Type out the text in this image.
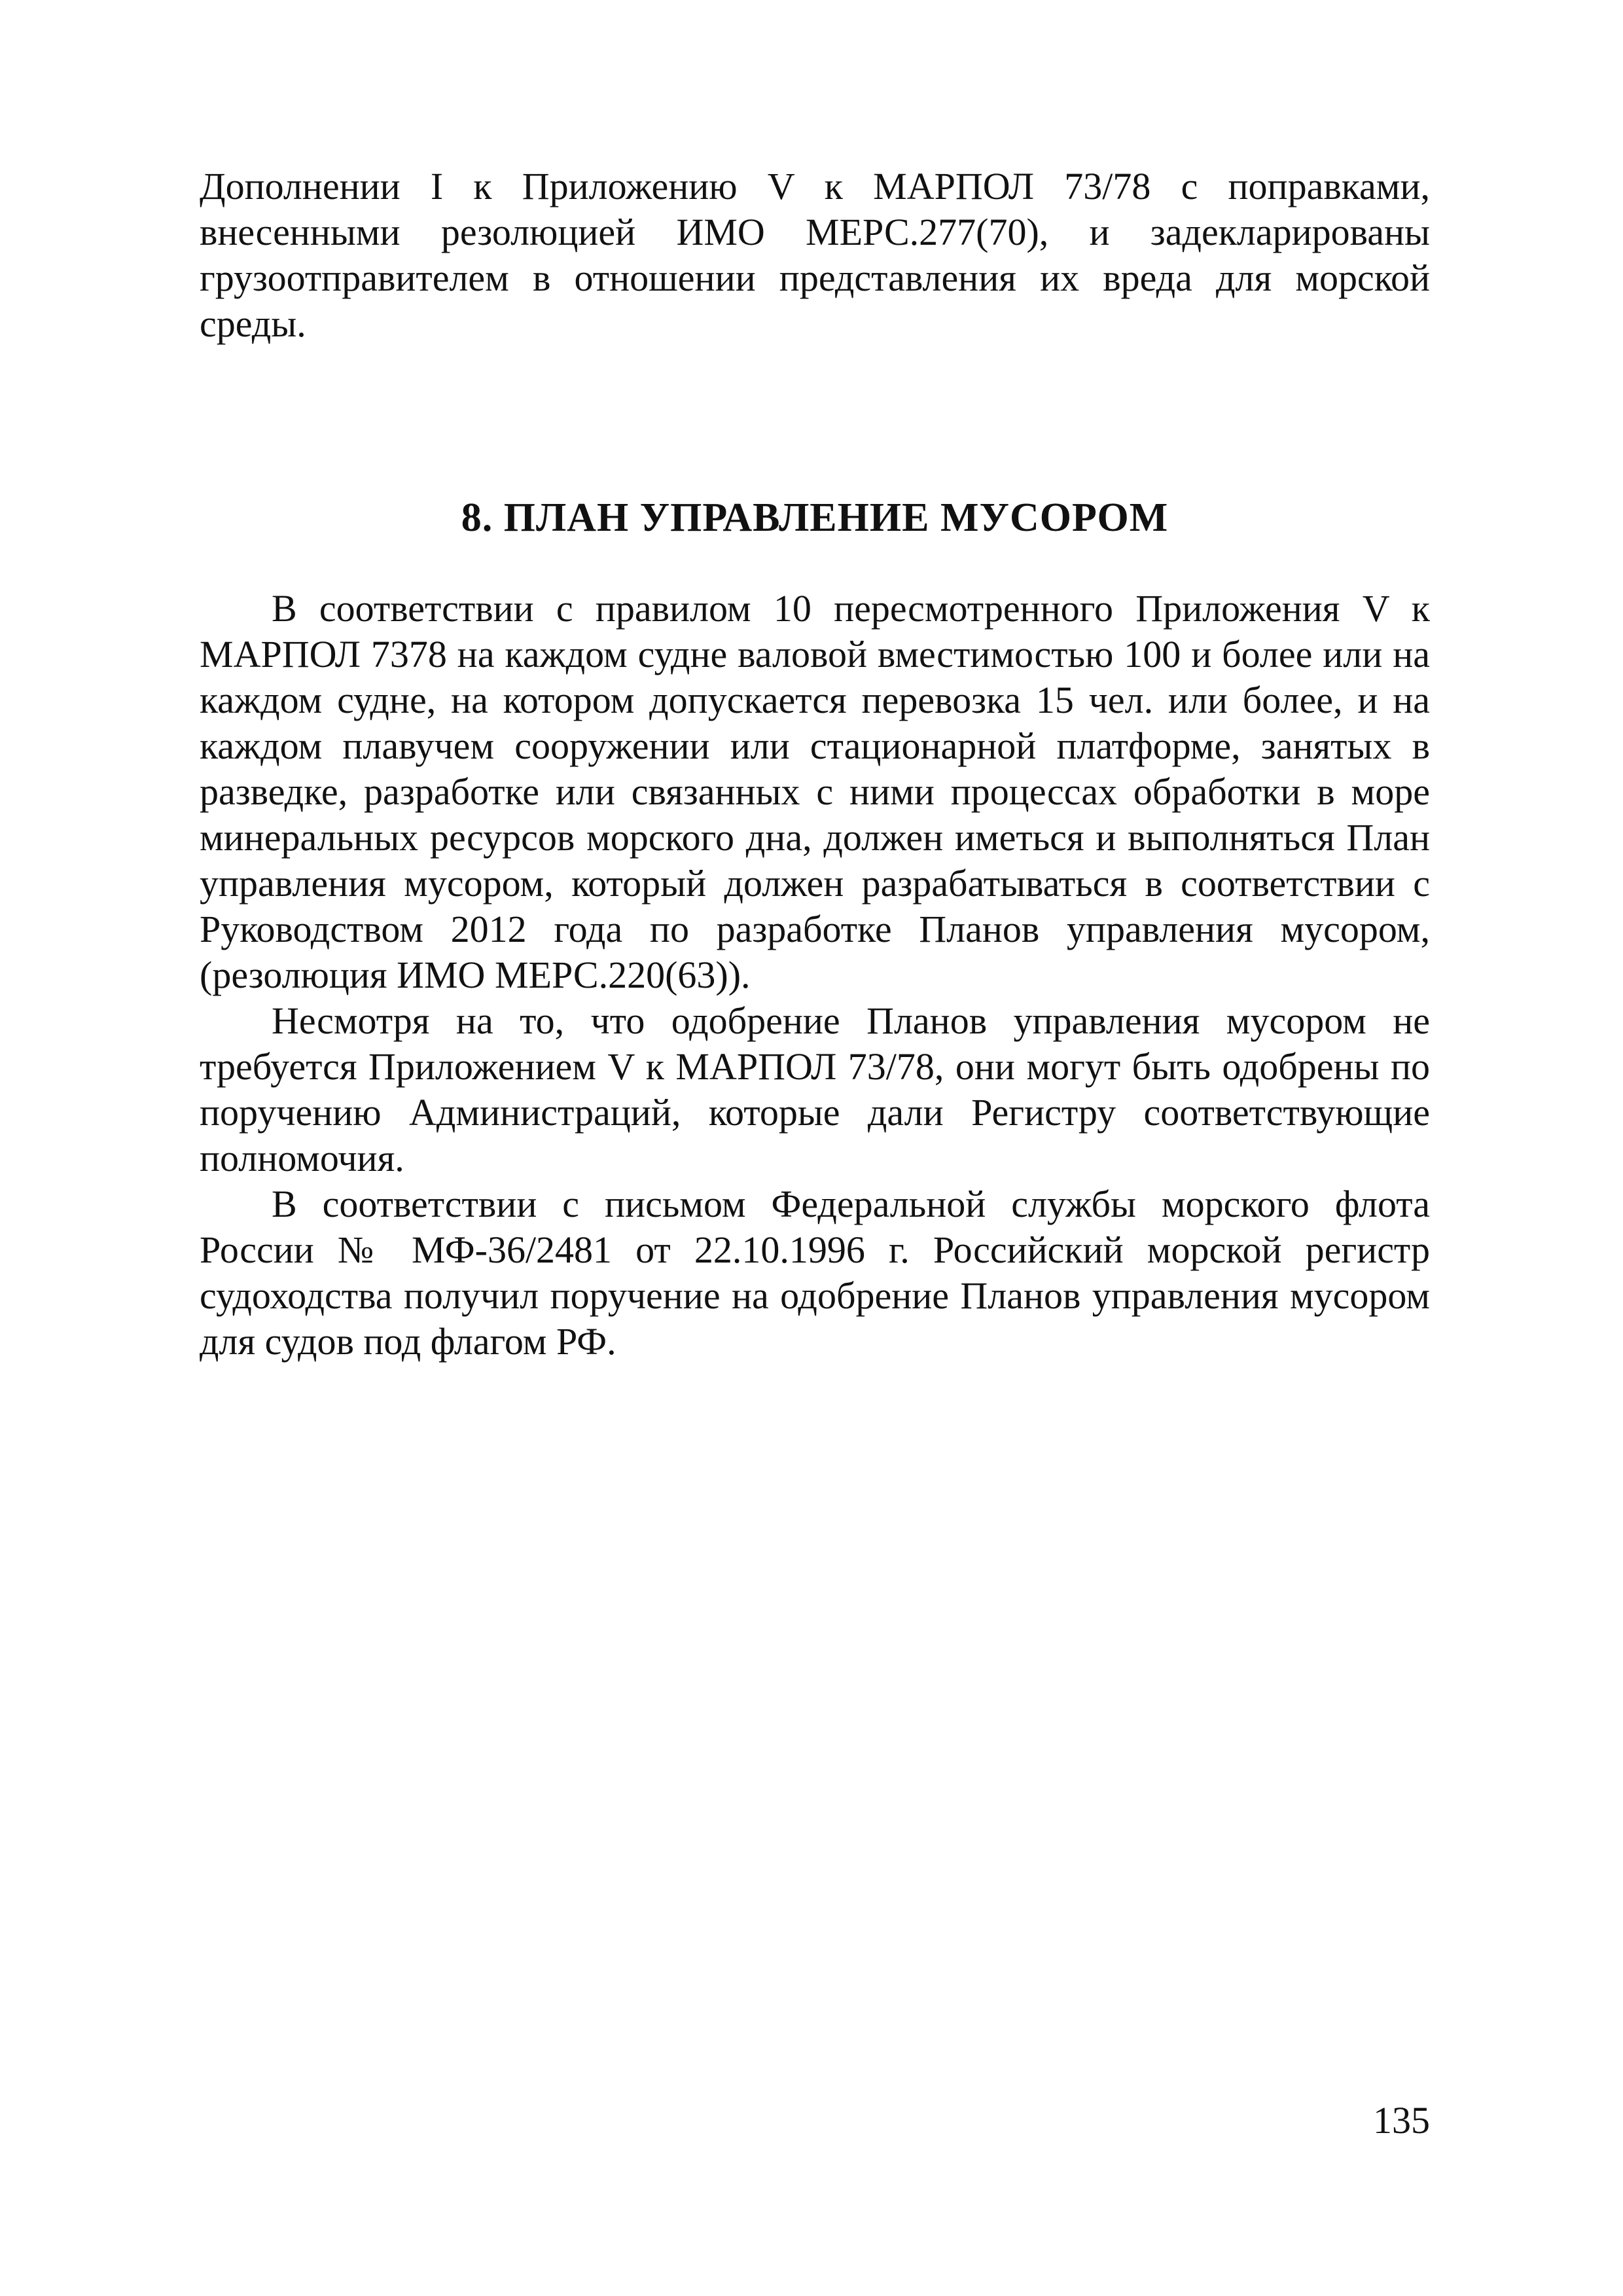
Дополнении I к Приложению V к МАРПОЛ 73/78 с поправками, внесенными резолюцией ИМО МЕРС.277(70), и задекларированы грузоотправителем в отношении представления их вреда для морской среды.
8. ПЛАН УПРАВЛЕНИЕ МУСОРОМ

В соответствии с правилом 10 пересмотренного Приложения V к МАРПОЛ 7378 на каждом судне валовой вместимостью 100 и более или на каждом судне, на котором допускается перевозка 15 чел. или более, и на каждом плавучем сооружении или стационарной платформе, занятых в разведке, разработке или связанных с ними процессах обработки в море минеральных ресурсов морского дна, должен иметься и выполняться План управления мусором, который должен разрабатываться в соответствии с Руководством 2012 года по разработке Планов управления мусором, (резолюция ИМО МЕРС.220(63)).

Несмотря на то, что одобрение Планов управления мусором не требуется Приложением V к МАРПОЛ 73/78, они могут быть одобрены по поручению Администраций, которые дали Регистру соответствующие полномочия.

В соответствии с письмом Федеральной службы морского флота России № МФ-36/2481 от 22.10.1996 г. Российский морской регистр судоходства получил поручение на одобрение Планов управления мусором для судов под флагом РФ.

135
